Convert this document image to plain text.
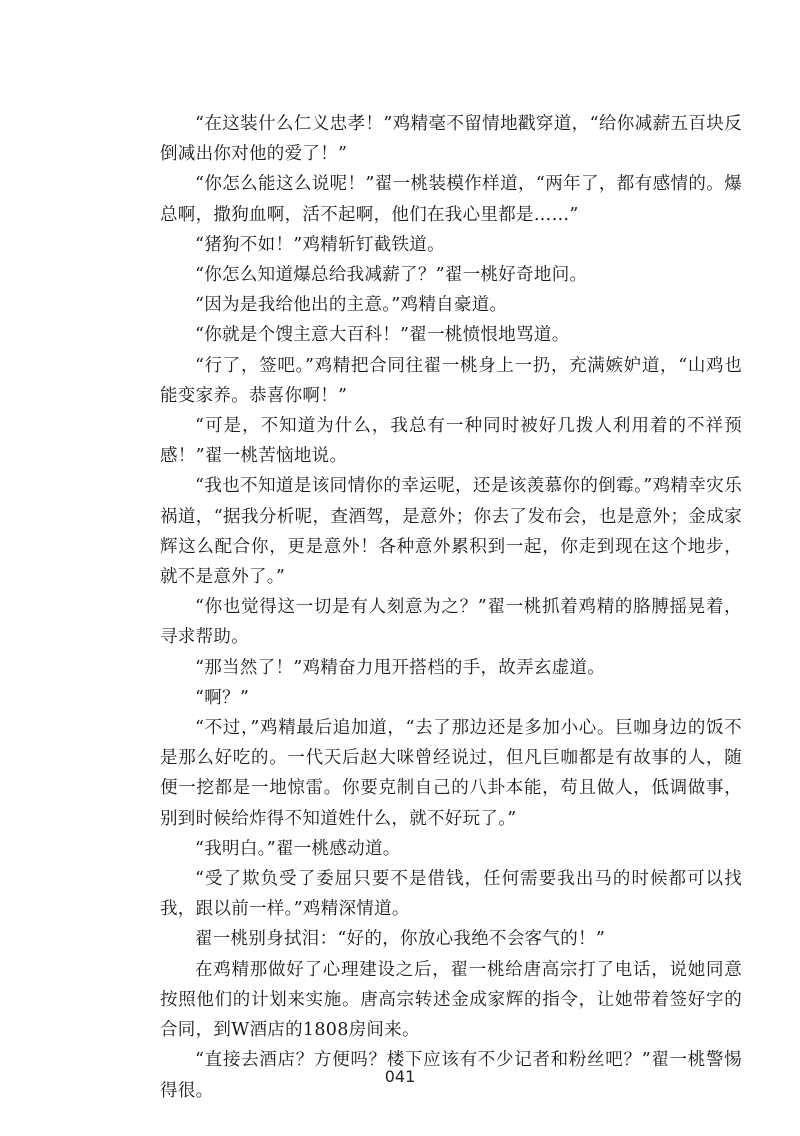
“在这装什么仁义忠孝！”鸡精毫不留情地戳穿道，“给你减薪五百块反倒减出你对他的爱了！”

“你怎么能这么说呢！”翟一桃装模作样道，“两年了，都有感情的。爆总啊，撒狗血啊，活不起啊，他们在我心里都是……”

“猪狗不如！”鸡精斩钉截铁道。

“你怎么知道爆总给我减薪了？”翟一桃好奇地问。

“因为是我给他出的主意。”鸡精自豪道。

“你就是个馊主意大百科！”翟一桃愤恨地骂道。

“行了，签吧。”鸡精把合同往翟一桃身上一扔，充满嫉妒道，“山鸡也能变家养。恭喜你啊！”

“可是，不知道为什么，我总有一种同时被好几拨人利用着的不祥预感！”翟一桃苦恼地说。

“我也不知道是该同情你的幸运呢，还是该羡慕你的倒霉。”鸡精幸灾乐祸道，“据我分析呢，查酒驾，是意外；你去了发布会，也是意外；金成家辉这么配合你，更是意外！各种意外累积到一起，你走到现在这个地步，就不是意外了。”

“你也觉得这一切是有人刻意为之？”翟一桃抓着鸡精的胳膊摇晃着，寻求帮助。

“那当然了！”鸡精奋力甩开搭档的手，故弄玄虚道。

“啊？”

“不过，”鸡精最后追加道，“去了那边还是多加小心。巨咖身边的饭不是那么好吃的。一代天后赵大咪曾经说过，但凡巨咖都是有故事的人，随便一挖都是一地惊雷。你要克制自己的八卦本能，苟且做人，低调做事，别到时候给炸得不知道姓什么，就不好玩了。”

“我明白。”翟一桃感动道。

“受了欺负受了委屈只要不是借钱，任何需要我出马的时候都可以找我，跟以前一样。”鸡精深情道。

翟一桃别身拭泪：“好的，你放心我绝不会客气的！”

在鸡精那做好了心理建设之后，翟一桃给唐高宗打了电话，说她同意按照他们的计划来实施。唐高宗转述金成家辉的指令，让她带着签好字的合同，到W酒店的1808房间来。

“直接去酒店？方便吗？楼下应该有不少记者和粉丝吧？”翟一桃警惕得很。

041
